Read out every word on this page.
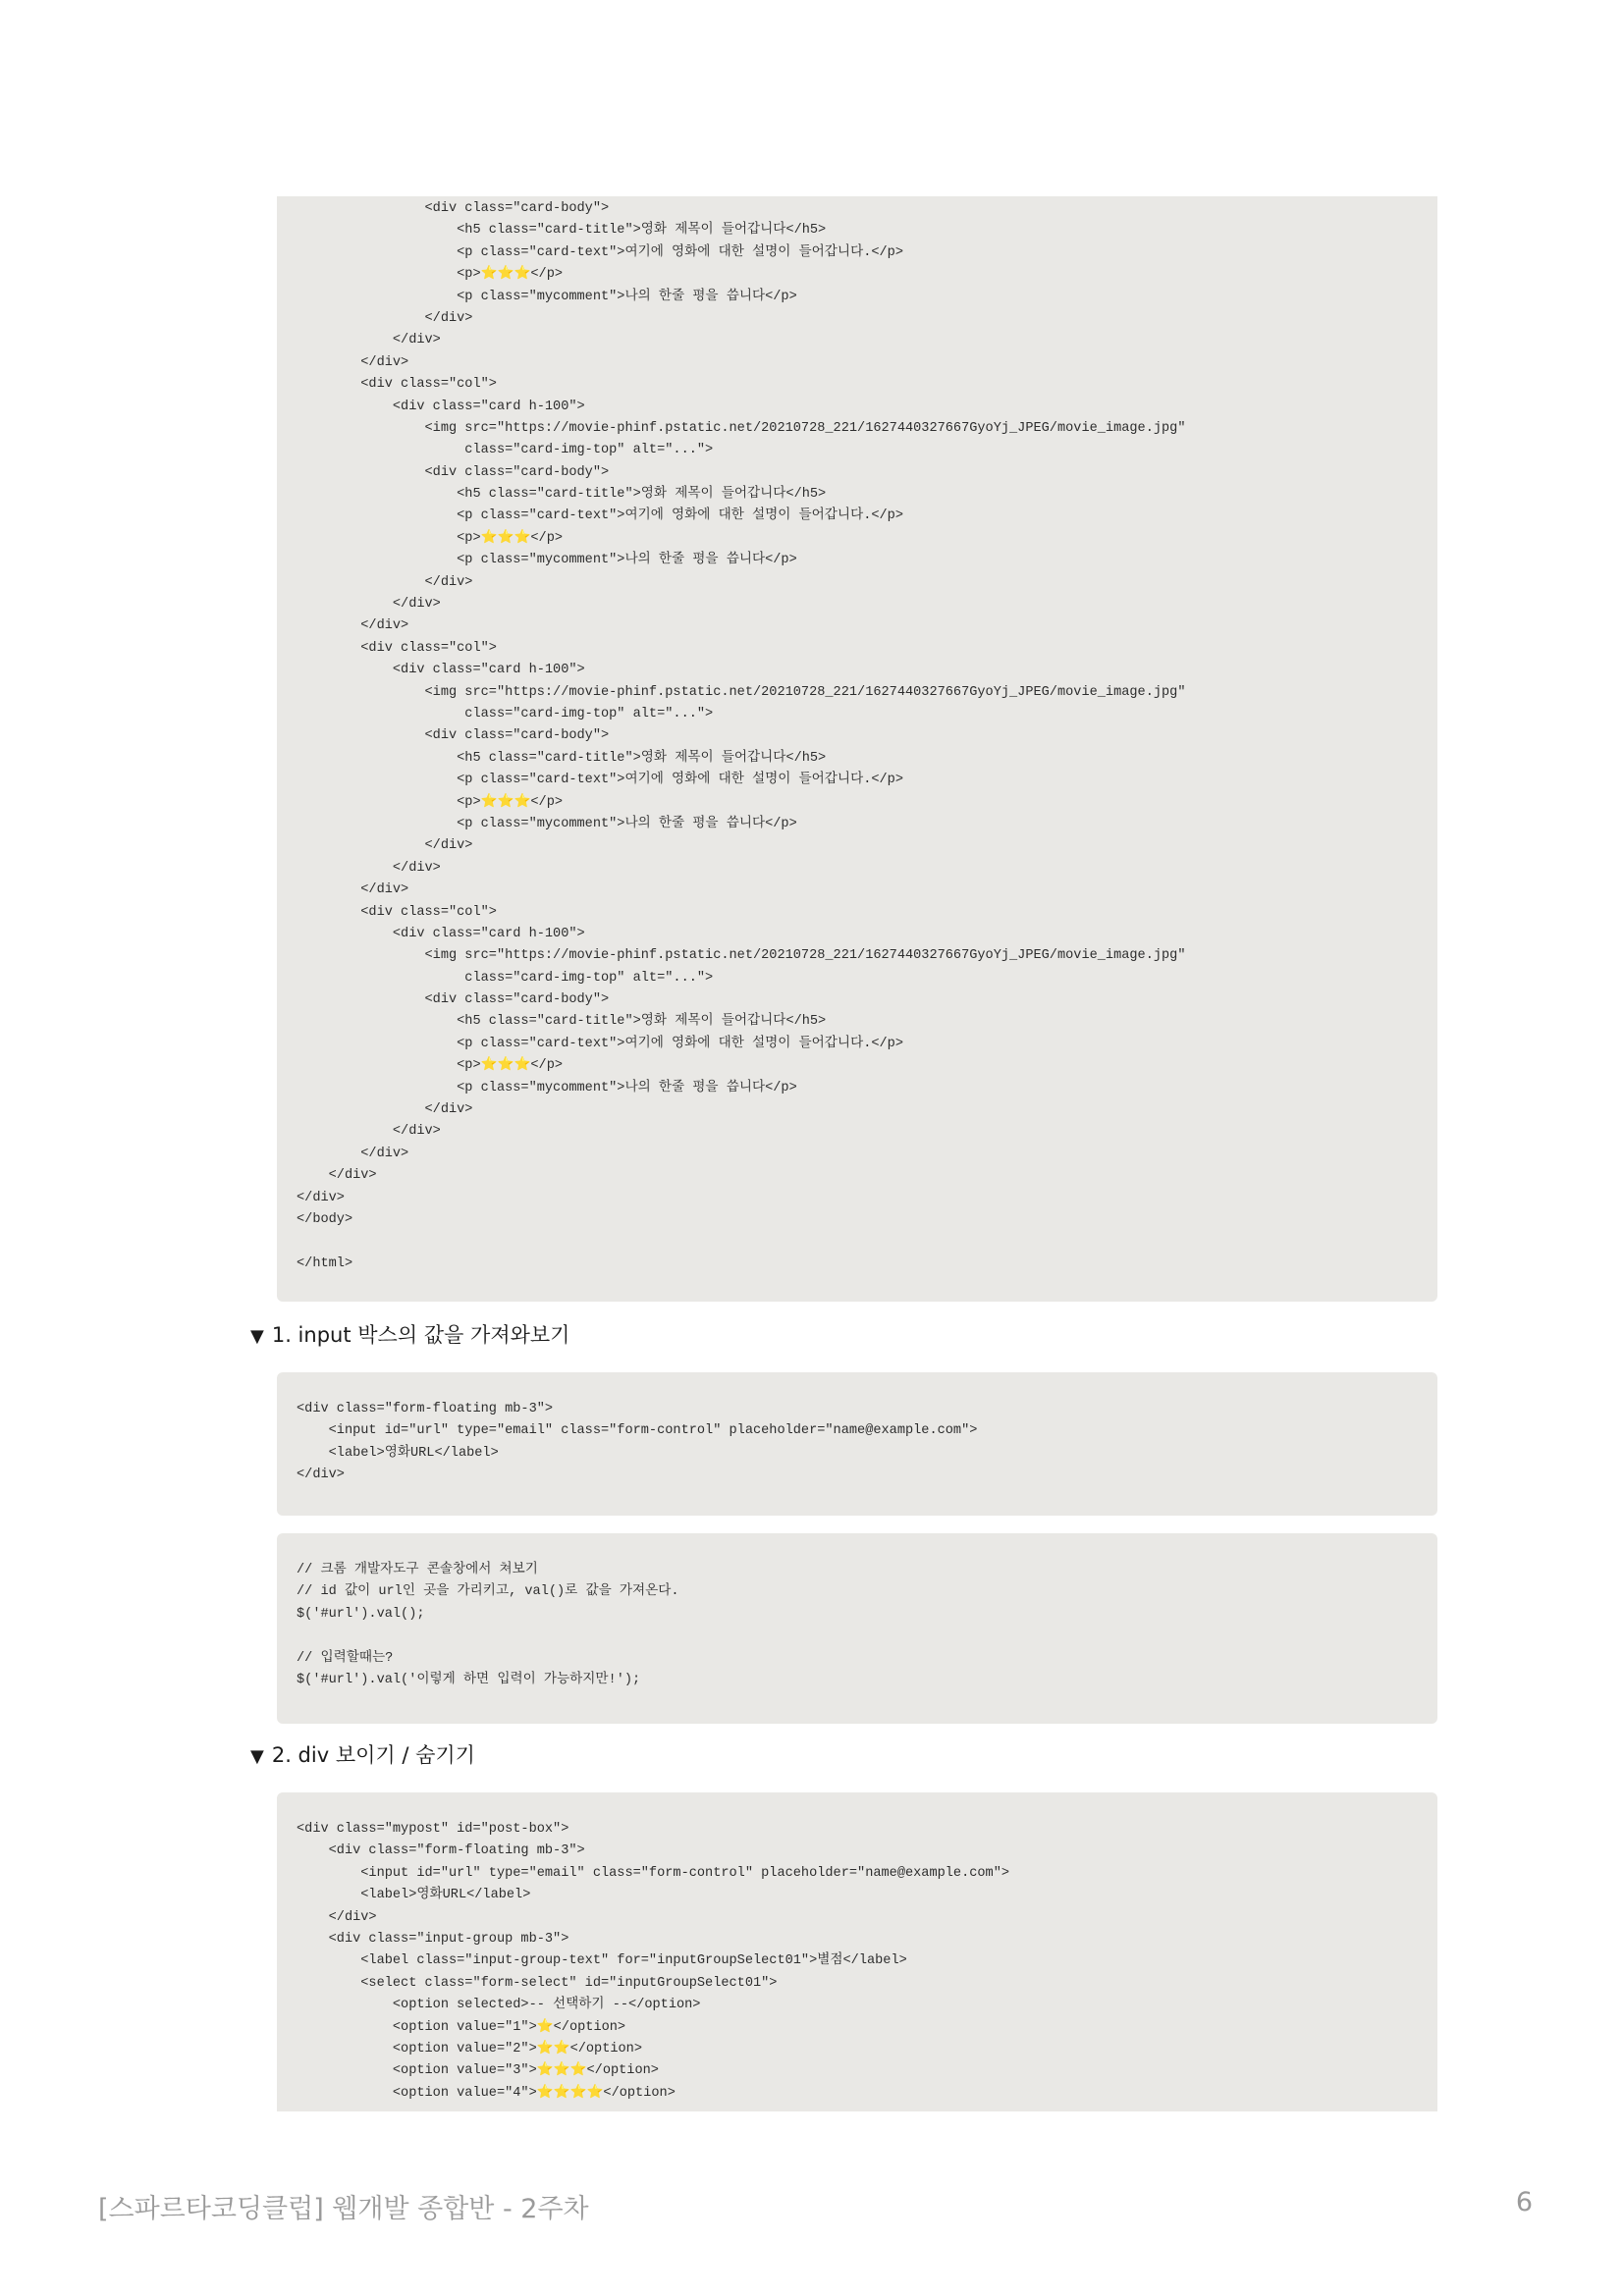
<div class="card-body">
<h5 class="card-title">영화 제목이 들어갑니다</h5>
<p class="card-text">여기에 영화에 대한 설명이 들어갑니다.</p>
<p>⭐⭐⭐</p>
<p class="mycomment">나의 한줄 평을 씁니다</p>
</div>
</div>
</div>
<div class="col">
<div class="card h-100">
<img src="https://movie-phinf.pstatic.net/20210728_221/1627440327667GyoYj_JPEG/movie_image.jpg"
class="card-img-top" alt="...">
<div class="card-body">
<h5 class="card-title">영화 제목이 들어갑니다</h5>
<p class="card-text">여기에 영화에 대한 설명이 들어갑니다.</p>
<p>⭐⭐⭐</p>
<p class="mycomment">나의 한줄 평을 씁니다</p>
</div>
</div>
</div>
<div class="col">
<div class="card h-100">
<img src="https://movie-phinf.pstatic.net/20210728_221/1627440327667GyoYj_JPEG/movie_image.jpg"
class="card-img-top" alt="...">
<div class="card-body">
<h5 class="card-title">영화 제목이 들어갑니다</h5>
<p class="card-text">여기에 영화에 대한 설명이 들어갑니다.</p>
<p>⭐⭐⭐</p>
<p class="mycomment">나의 한줄 평을 씁니다</p>
</div>
</div>
</div>
<div class="col">
<div class="card h-100">
<img src="https://movie-phinf.pstatic.net/20210728_221/1627440327667GyoYj_JPEG/movie_image.jpg"
class="card-img-top" alt="...">
<div class="card-body">
<h5 class="card-title">영화 제목이 들어갑니다</h5>
<p class="card-text">여기에 영화에 대한 설명이 들어갑니다.</p>
<p>⭐⭐⭐</p>
<p class="mycomment">나의 한줄 평을 씁니다</p>
</div>
</div>
</div>
</div>
</div>
</body>
</html>
▼ 1. input 박스의 값을 가져와보기
<div class="form-floating mb-3">
<input id="url" type="email" class="form-control" placeholder="name@example.com">
<label>영화URL</label>
</div>
// 크롬 개발자도구 콘솔창에서 쳐보기
// id 값이 url인 곳을 가리키고, val()로 값을 가져온다.
$('#url').val();
// 입력할때는?
$('#url').val('이렇게 하면 입력이 가능하지만!');
▼ 2. div 보이기 / 숨기기
<div class="mypost" id="post-box">
<div class="form-floating mb-3">
<input id="url" type="email" class="form-control" placeholder="name@example.com">
<label>영화URL</label>
</div>
<div class="input-group mb-3">
<label class="input-group-text" for="inputGroupSelect01">별점</label>
<select class="form-select" id="inputGroupSelect01">
<option selected>-- 선택하기 --</option>
<option value="1">⭐</option>
<option value="2">⭐⭐</option>
<option value="3">⭐⭐⭐</option>
<option value="4">⭐⭐⭐⭐</option>
[스파르타코딩클럽] 웹개발 종합반 - 2주차	6
